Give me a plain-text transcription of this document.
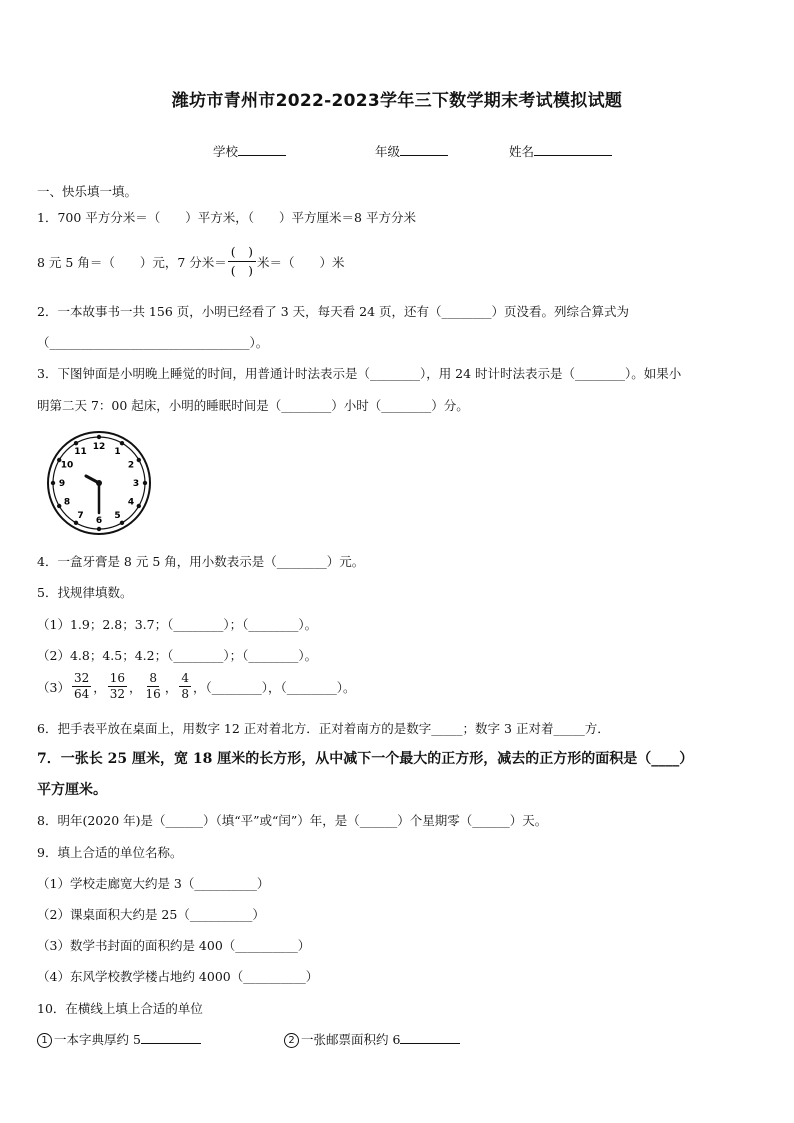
潍坊市青州市2022-2023学年三下数学期末考试模拟试题
学校	年级	姓名
一、快乐填一填。
1．700 平方分米＝（　　）平方米，（　　）平方厘米＝8 平方分米
8 元 5 角＝（　　）元，7 分米＝ $\frac{( )}{( )}$ 米＝（　　）米
2．一本故事书一共 156 页，小明已经看了 3 天，每天看 24 页，还有（________）页没看。列综合算式为
（________________________________）。
3．下图钟面是小明晚上睡觉的时间，用普通计时法表示是（________），用 24 时计时法表示是（________）。如果小
明第二天 7：00 起床，小明的睡眠时间是（________）小时（________）分。
12 1
2
3
4
5
6
7
8
9
10
11
4．一盒牙膏是 8 元 5 角，用小数表示是（________）元。
5．找规律填数。
（1）1.9；2.8；3.7；（________）；（________）。
（2）4.8；4.5；4.2；（________）；（________）。
$(3) \frac{32}{64}$ ， $\frac{16}{32}$ ， $\frac{8}{16}$ ， $\frac{4}{8}$ ，（________），（________）。
6．把手表平放在桌面上，用数字 12 正对着北方．正对着南方的是数字_____；数字 3 正对着_____方．
7．一张长 25 厘米，宽 18 厘米的长方形，从中减下一个最大的正方形，减去的正方形的面积是（____）
平方厘米。
8．明年(2020 年)是（______）（填“平”或“闰”）年，是（______）个星期零（______）天。
9．填上合适的单位名称。
（1）学校走廊宽大约是 3（__________）
（2）课桌面积大约是 25（__________）
（3）数学书封面的面积约是 400（__________）
（4）东风学校教学楼占地约 4000（__________）
10．在横线上填上合适的单位
1 一本字典厚约 5	2 一张邮票面积约 6
